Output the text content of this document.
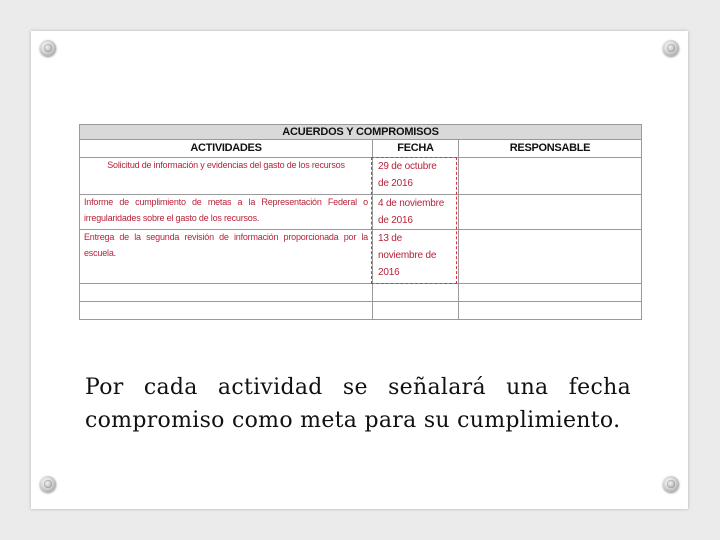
ACUERDOS Y COMPROMISOS		
ACTIVIDADES	FECHA	RESPONSABLE
Solicitud de información y evidencias del gasto de los recursos	29 de octubre
de 2016	

Informe de cumplimiento de metas a la Representación Federal o irregularidades sobre el gasto de los recursos.	4 de noviembre
de 2016	

Entrega de la segunda revisión de información proporcionada por la escuela.	13 de
noviembre de
2016	

Por cada actividad se señalará una fecha compromiso como meta para su cumplimiento.
